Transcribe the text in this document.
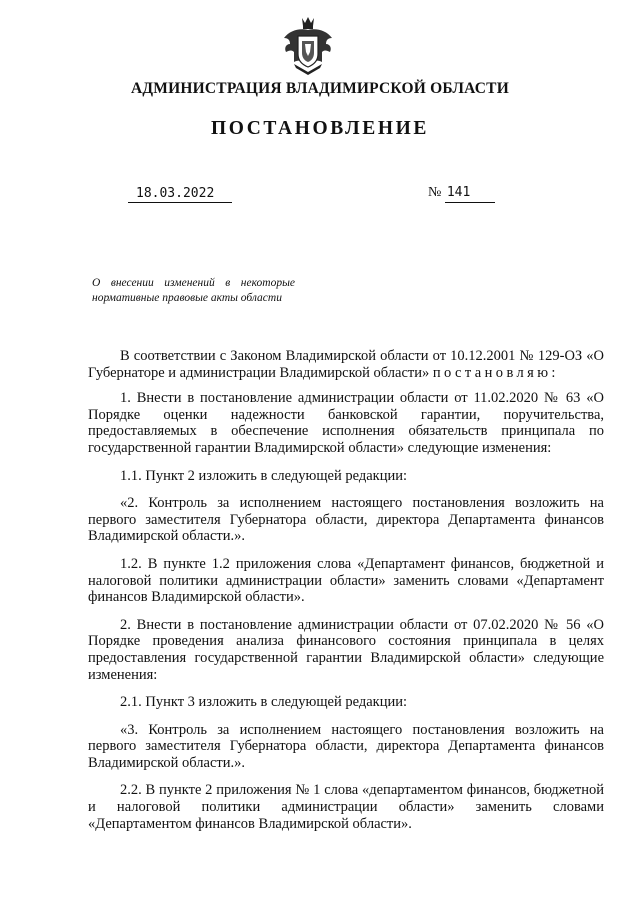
АДМИНИСТРАЦИЯ ВЛАДИМИРСКОЙ ОБЛАСТИ
ПОСТАНОВЛЕНИЕ
18.03.2022	№ 141
О внесении изменений в некоторые нормативные правовые акты области

В соответствии с Законом Владимирской области от 10.12.2001 № 129-ОЗ «О Губернаторе и администрации Владимирской области» постановляю:

1. Внести в постановление администрации области от 11.02.2020 № 63 «О Порядке оценки надежности банковской гарантии, поручительства, предоставляемых в обеспечение исполнения обязательств принципала по государственной гарантии Владимирской области» следующие изменения:

1.1. Пункт 2 изложить в следующей редакции:

«2. Контроль за исполнением настоящего постановления возложить на первого заместителя Губернатора области, директора Департамента финансов Владимирской области.».

1.2. В пункте 1.2 приложения слова «Департамент финансов, бюджетной и налоговой политики администрации области» заменить словами «Департамент финансов Владимирской области».

2. Внести в постановление администрации области от 07.02.2020 № 56 «О Порядке проведения анализа финансового состояния принципала в целях предоставления государственной гарантии Владимирской области» следующие изменения:

2.1. Пункт 3 изложить в следующей редакции:

«3. Контроль за исполнением настоящего постановления возложить на первого заместителя Губернатора области, директора Департамента финансов Владимирской области.».

2.2. В пункте 2 приложения № 1 слова «департаментом финансов, бюджетной и налоговой политики администрации области» заменить словами «Департаментом финансов Владимирской области».
